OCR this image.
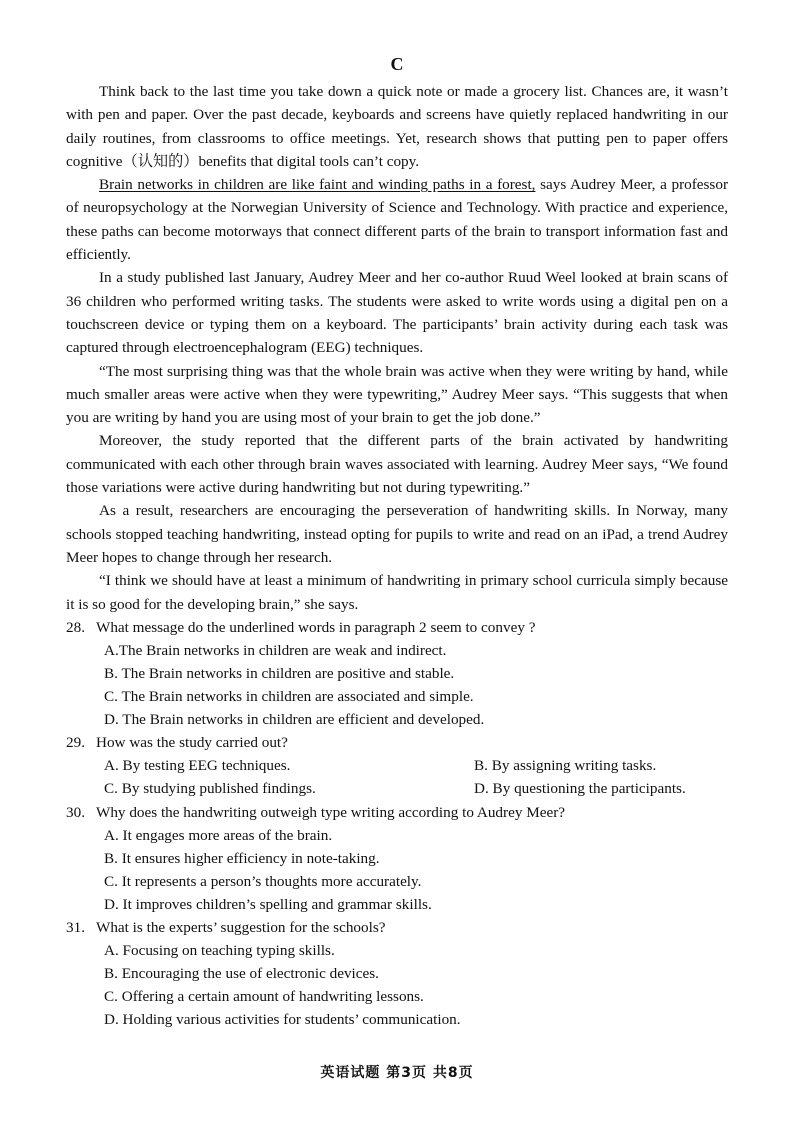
C

Think back to the last time you take down a quick note or made a grocery list. Chances are, it wasn’t with pen and paper. Over the past decade, keyboards and screens have quietly replaced handwriting in our daily routines, from classrooms to office meetings. Yet, research shows that putting pen to paper offers cognitive（认知的）benefits that digital tools can’t copy.

Brain networks in children are like faint and winding paths in a forest, says Audrey Meer, a professor of neuropsychology at the Norwegian University of Science and Technology. With practice and experience, these paths can become motorways that connect different parts of the brain to transport information fast and efficiently.

In a study published last January, Audrey Meer and her co-author Ruud Weel looked at brain scans of 36 children who performed writing tasks. The students were asked to write words using a digital pen on a touchscreen device or typing them on a keyboard. The participants’ brain activity during each task was captured through electroencephalogram (EEG) techniques.

“The most surprising thing was that the whole brain was active when they were writing by hand, while much smaller areas were active when they were typewriting,” Audrey Meer says. “This suggests that when you are writing by hand you are using most of your brain to get the job done.”

Moreover, the study reported that the different parts of the brain activated by handwriting communicated with each other through brain waves associated with learning. Audrey Meer says, “We found those variations were active during handwriting but not during typewriting.”

As a result, researchers are encouraging the perseveration of handwriting skills. In Norway, many schools stopped teaching handwriting, instead opting for pupils to write and read on an iPad, a trend Audrey Meer hopes to change through her research.

“I think we should have at least a minimum of handwriting in primary school curricula simply because it is so good for the developing brain,” she says.

28. What message do the underlined words in paragraph 2 seem to convey ?

A.The Brain networks in children are weak and indirect.

B. The Brain networks in children are positive and stable.

C. The Brain networks in children are associated and simple.

D. The Brain networks in children are efficient and developed.

29. How was the study carried out?

A. By testing EEG techniques.	B. By assigning writing tasks.

C. By studying published findings.	D. By questioning the participants.

30. Why does the handwriting outweigh type writing according to Audrey Meer?

A. It engages more areas of the brain.

B. It ensures higher efficiency in note-taking.

C. It represents a person’s thoughts more accurately.

D. It improves children’s spelling and grammar skills.

31. What is the experts’ suggestion for the schools?

A. Focusing on teaching typing skills.

B. Encouraging the use of electronic devices.

C. Offering a certain amount of handwriting lessons.

D. Holding various activities for students’ communication.

英语试题 第3页 共8页
